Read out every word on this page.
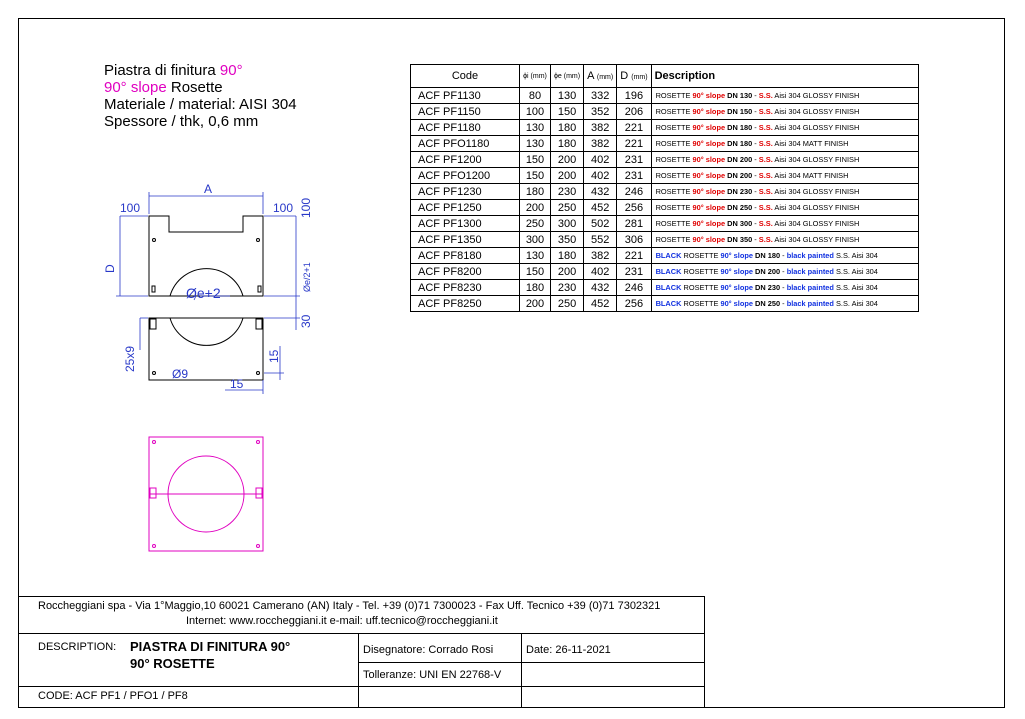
Piastra di finitura 90°
90° slope Rosette
Materiale / material: AISI 304
Spessore / thk, 0,6 mm
Code	ϕi (mm)	ϕe (mm)	A (mm)	D (mm)	Description
ACF PF1130	80	130	332	196	ROSETTE 90° slope DN 130 - S.S. Aisi 304 GLOSSY FINISH
ACF PF1150	100	150	352	206	ROSETTE 90° slope DN 150 - S.S. Aisi 304 GLOSSY FINISH
ACF PF1180	130	180	382	221	ROSETTE 90° slope DN 180 - S.S. Aisi 304 GLOSSY FINISH
ACF PFO1180	130	180	382	221	ROSETTE 90° slope DN 180 - S.S. Aisi 304 MATT FINISH
ACF PF1200	150	200	402	231	ROSETTE 90° slope DN 200 - S.S. Aisi 304 GLOSSY FINISH
ACF PFO1200	150	200	402	231	ROSETTE 90° slope DN 200 - S.S. Aisi 304 MATT FINISH
ACF PF1230	180	230	432	246	ROSETTE 90° slope DN 230 - S.S. Aisi 304 GLOSSY FINISH
ACF PF1250	200	250	452	256	ROSETTE 90° slope DN 250 - S.S. Aisi 304 GLOSSY FINISH
ACF PF1300	250	300	502	281	ROSETTE 90° slope DN 300 - S.S. Aisi 304 GLOSSY FINISH
ACF PF1350	300	350	552	306	ROSETTE 90° slope DN 350 - S.S. Aisi 304 GLOSSY FINISH
ACF PF8180	130	180	382	221	BLACK ROSETTE 90° slope DN 180 - black painted S.S. Aisi 304
ACF PF8200	150	200	402	231	BLACK ROSETTE 90° slope DN 200 - black painted S.S. Aisi 304
ACF PF8230	180	230	432	246	BLACK ROSETTE 90° slope DN 230 - black painted S.S. Aisi 304
ACF PF8250	200	250	452	256	BLACK ROSETTE 90° slope DN 250 - black painted S.S. Aisi 304
A
100	100 100
D
Øe+2
Øe/2+1
30
25x9
Ø9
15
15
Roccheggiani spa - Via 1°Maggio,10 60021 Camerano (AN) Italy - Tel. +39 (0)71 7300023 - Fax Uff. Tecnico +39 (0)71 7302321
Internet: www.roccheggiani.it e-mail: uff.tecnico@roccheggiani.it
DESCRIPTION: PIASTRA DI FINITURA 90°
90° ROSETTE
Disegnatore: Corrado Rosi	Date: 26-11-2021
Tolleranze: UNI EN 22768-V
CODE: ACF PF1 / PFO1 / PF8
